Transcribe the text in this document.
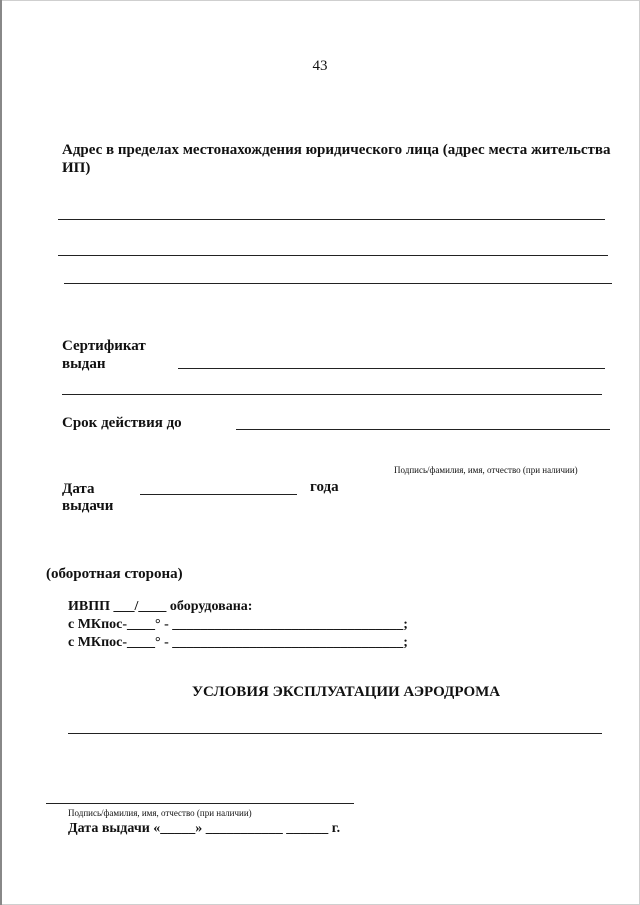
43
Адрес в пределах местонахождения юридического лица (адрес места жительства
ИП)
Сертификат
выдан
Срок действия до
Подпись/фамилия, имя, отчество (при наличии)
Дата
выдачи
года
(оборотная сторона)
ИВПП ___/____ оборудована:
с МКпос-____° - _________________________________;
с МКпос-____° - _________________________________;
УСЛОВИЯ ЭКСПЛУАТАЦИИ АЭРОДРОМА
Подпись/фамилия, имя, отчество (при наличии)
Дата выдачи «_____» ___________ ______ г.
